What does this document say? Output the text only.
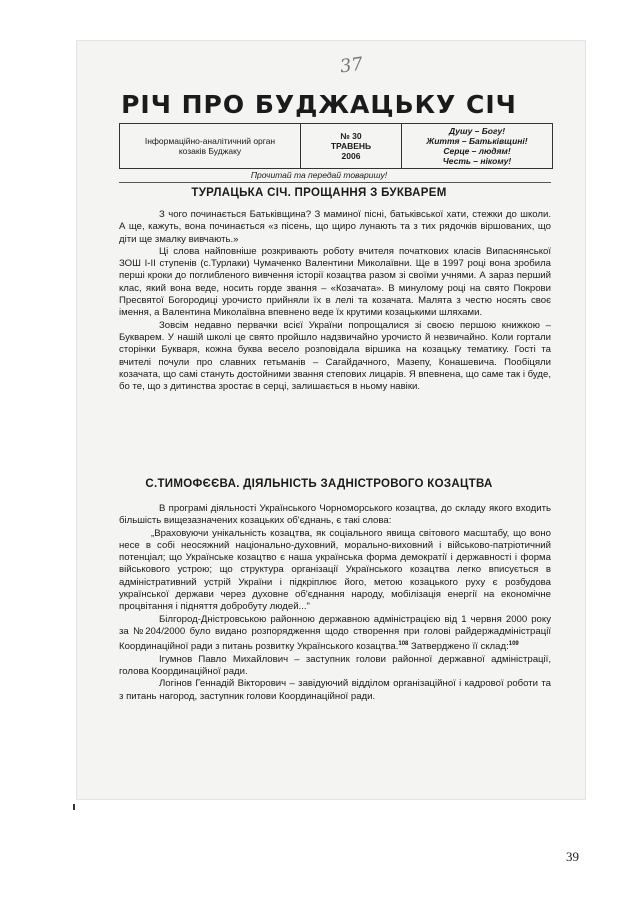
37
РІЧ ПРО БУДЖАЦЬКУ СІЧ
Інформаційно-аналітичний орган
козаків Буджаку
№ 30
ТРАВЕНЬ
2006
Душу – Богу!
Життя – Батьківщині!
Серце – людям!
Честь – нікому!
Прочитай та передай товаришу!
ТУРЛАЦЬКА СІЧ. ПРОЩАННЯ З БУКВАРЕМ

З чого починається Батьківщина? З маминої пісні, батьківської хати, стежки до школи. А ще, кажуть, вона починається «з пісень, що щиро лунають та з тих рядочків віршованих, що діти ще змалку вивчають.»

Ці слова найповніше розкривають роботу вчителя початкових класів Випаснянської ЗОШ І-ІІ ступенів (с.Турлаки) Чумаченко Валентини Миколаївни. Ще в 1997 році вона зробила перші кроки до поглибленого вивчення історії козацтва разом зі своїми учнями. А зараз перший клас, який вона веде, носить горде звання – «Козачата». В минулому році на свято Покрови Пресвятої Богородиці урочисто прийняли їх в лелі та козачата. Малята з честю носять своє імення, а Валентина Миколаївна впевнено веде їх крутими козацькими шляхами.

Зовсім недавно первачки всієї України попрощалися зі своєю першою книжкою – Букварем. У нашій школі це свято пройшло надзвичайно урочисто й незвичайно. Коли гортали сторінки Букваря, кожна буква весело розповідала віршика на козацьку тематику. Гості та вчителі почули про славних гетьманів – Сагайдачного, Мазепу, Конашевича. Пообіцяли козачата, що самі стануть достойними звання степових лицарів. Я впевнена, що саме так і буде, бо те, що з дитинства зростає в серці, залишається в ньому навіки.

С.ТИМОФЄЄВА. ДІЯЛЬНІСТЬ ЗАДНІСТРОВОГО КОЗАЦТВА

В програмі діяльності Українського Чорноморського козацтва, до складу якого входить більшість вищезазначених козацьких об'єднань, є такі слова:

„Враховуючи унікальність козацтва, як соціального явища світового масштабу, що воно несе в собі неосяжний національно-духовний, морально-виховний і військово-патріотичний потенціал; що Українське козацтво є наша українська форма демократії і державності і форма військового устрою; що структура організації Українського козацтва легко вписується в адміністративний устрій України і підкріплює його, метою козацького руху є розбудова української держави через духовне об'єднання народу, мобілізація енергії на економічне процвітання і підняття добробуту людей..."

Білгород-Дністровською районною державною адміністрацією від 1 червня 2000 року за №204/2000 було видано розпорядження щодо створення при голові райдержадміністрації Координаційної ради з питань розвитку Українського козацтва.$^{108}$ Затверджено її склад:$^{109}$

Ігумнов Павло Михайлович – заступник голови районної державної адміністрації, голова Координаційної ради.

Логінов Геннадій Вікторович – завідуючий відділом організаційної і кадрової роботи та з питань нагород, заступник голови Координаційної ради.

39
